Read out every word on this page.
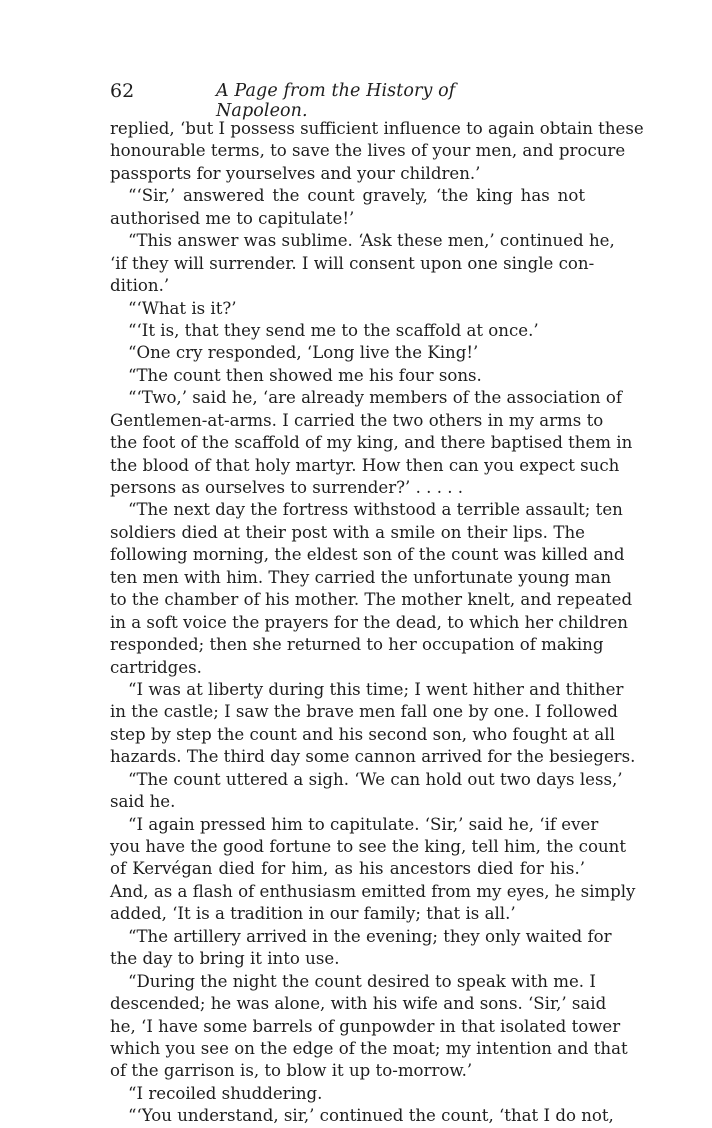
62	A Page from the History of Napoleon.
replied, ‘but I possess sufficient influence to again obtain these
honourable terms, to save the lives of your men, and procure
passports for yourselves and your children.’
“‘Sir,’ answered the count gravely, ‘the king has not
authorised me to capitulate!’
“This answer was sublime. ‘Ask these men,’ continued he,
‘if they will surrender. I will consent upon one single con-
dition.’
“‘What is it?’
“‘It is, that they send me to the scaffold at once.’
“One cry responded, ‘Long live the King!’
“The count then showed me his four sons.
“‘Two,’ said he, ‘are already members of the association of
Gentlemen-at-arms. I carried the two others in my arms to
the foot of the scaffold of my king, and there baptised them in
the blood of that holy martyr. How then can you expect such
persons as ourselves to surrender?’ . . . . .
“The next day the fortress withstood a terrible assault; ten
soldiers died at their post with a smile on their lips. The
following morning, the eldest son of the count was killed and
ten men with him. They carried the unfortunate young man
to the chamber of his mother. The mother knelt, and repeated
in a soft voice the prayers for the dead, to which her children
responded; then she returned to her occupation of making
cartridges.
“I was at liberty during this time; I went hither and thither
in the castle; I saw the brave men fall one by one. I followed
step by step the count and his second son, who fought at all
hazards. The third day some cannon arrived for the besiegers.
“The count uttered a sigh. ‘We can hold out two days less,’
said he.
“I again pressed him to capitulate. ‘Sir,’ said he, ‘if ever
you have the good fortune to see the king, tell him, the count
of Kervégan died for him, as his ancestors died for his.’
And, as a flash of enthusiasm emitted from my eyes, he simply
added, ‘It is a tradition in our family; that is all.’
“The artillery arrived in the evening; they only waited for
the day to bring it into use.
“During the night the count desired to speak with me. I
descended; he was alone, with his wife and sons. ‘Sir,’ said
he, ‘I have some barrels of gunpowder in that isolated tower
which you see on the edge of the moat; my intention and that
of the garrison is, to blow it up to-morrow.’
“I recoiled shuddering.
“‘You understand, sir,’ continued the count, ‘that I do not,
